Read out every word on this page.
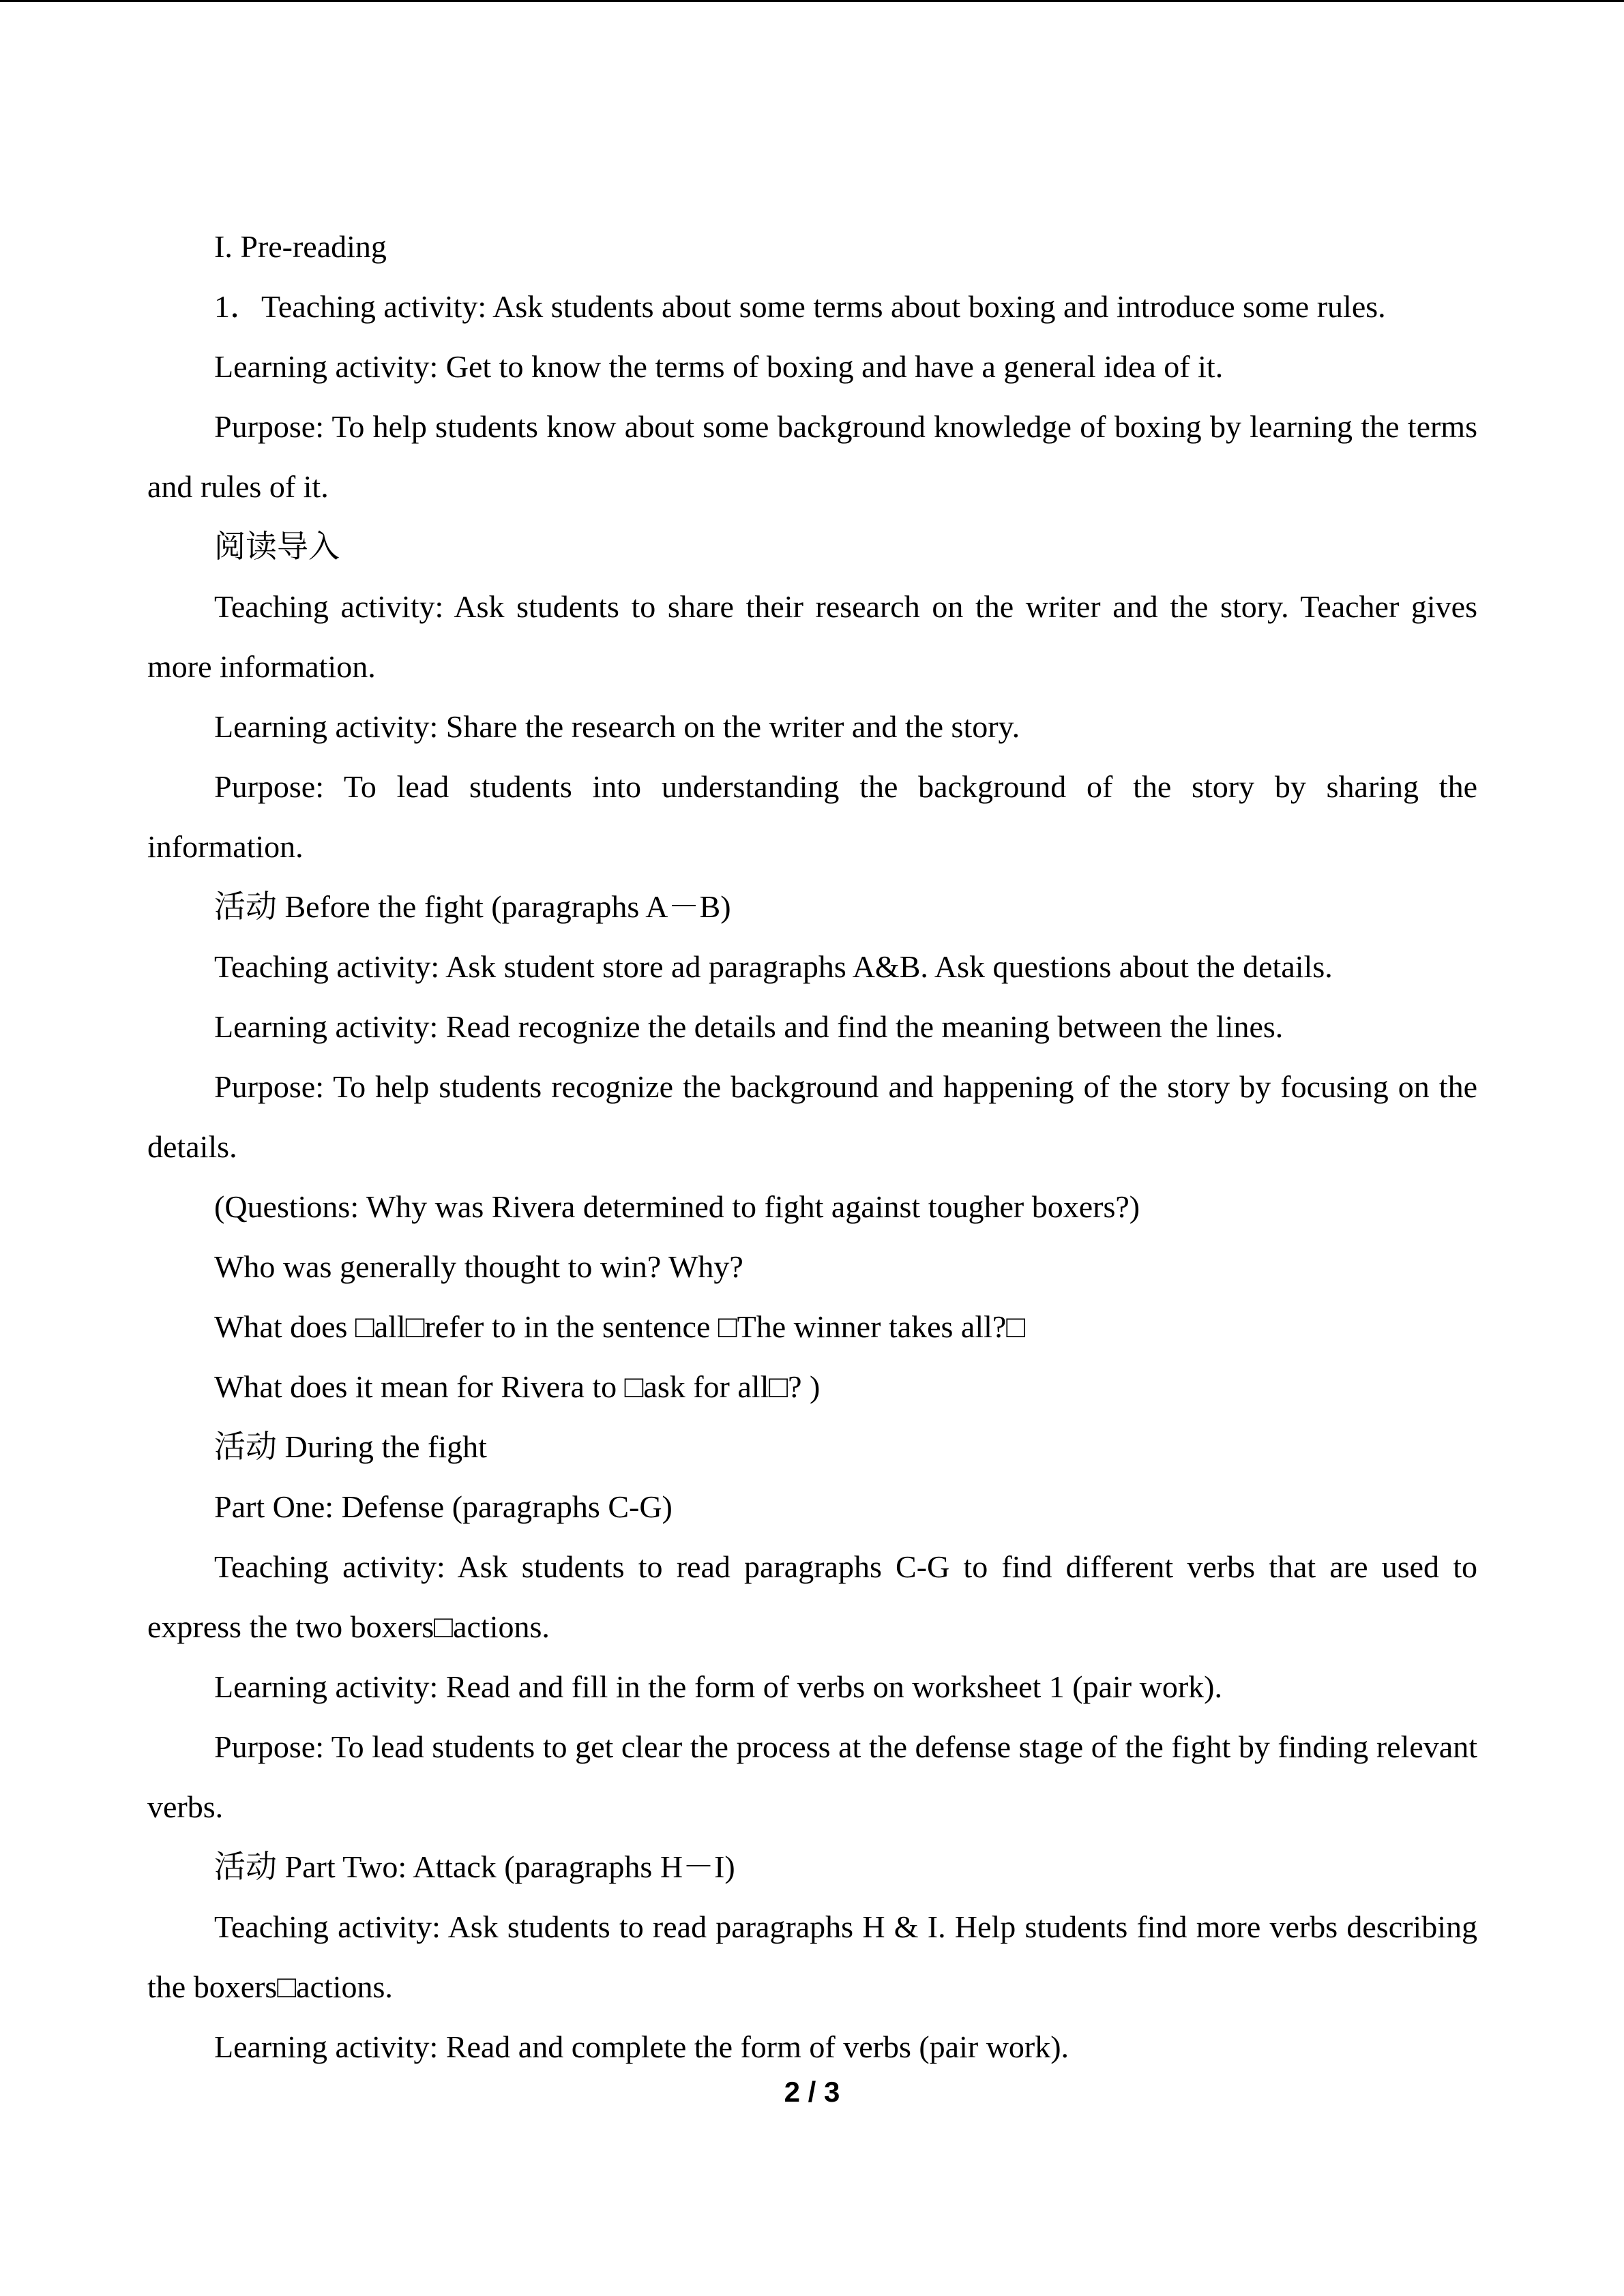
I. Pre-reading

1．Teaching activity: Ask students about some terms about boxing and introduce some rules.

Learning activity: Get to know the terms of boxing and have a general idea of it.

Purpose: To help students know about some background knowledge of boxing by learning the terms and rules of it.

阅读导入

Teaching activity: Ask students to share their research on the writer and the story. Teacher gives more information.

Learning activity: Share the research on the writer and the story.

Purpose: To lead students into understanding the background of the story by sharing the information.

活动 Before the fight (paragraphs A－B)

Teaching activity: Ask student store ad paragraphs A&B. Ask questions about the details.

Learning activity: Read recognize the details and find the meaning between the lines.

Purpose: To help students recognize the background and happening of the story by focusing on the details.

(Questions: Why was Rivera determined to fight against tougher boxers?)

Who was generally thought to win? Why?

What does □all□refer to in the sentence □The winner takes all?□

What does it mean for Rivera to □ask for all□? )

活动 During the fight

Part One: Defense (paragraphs C-G)

Teaching activity: Ask students to read paragraphs C-G to find different verbs that are used to express the two boxers□actions.

Learning activity: Read and fill in the form of verbs on worksheet 1 (pair work).

Purpose: To lead students to get clear the process at the defense stage of the fight by finding relevant verbs.

活动 Part Two: Attack (paragraphs H－I)

Teaching activity: Ask students to read paragraphs H & I. Help students find more verbs describing the boxers□actions.

Learning activity: Read and complete the form of verbs (pair work).

2 / 3
